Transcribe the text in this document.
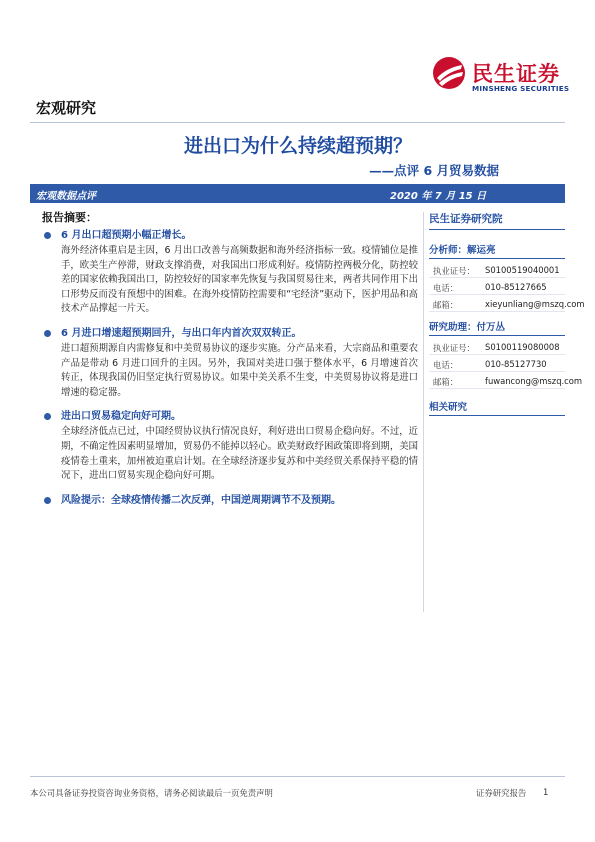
民生证券
MINSHENG SECURITIES
宏观研究
进出口为什么持续超预期？
——点评 6 月贸易数据
宏观数据点评	2020 年 7 月 15 日
报告摘要：
6 月出口超预期小幅正增长。
海外经济体重启是主因，6 月出口改善与高频数据和海外经济指标一致。疫情铺位是推手，欧美生产停滞，财政支撑消费，对我国出口形成利好。疫情防控两极分化，防控较差的国家依赖我国出口，防控较好的国家率先恢复与我国贸易往来，两者共同作用下出口形势反而没有预想中的困难。在海外疫情防控需要和“宅经济”驱动下，医护用品和高技术产品撑起一片天。
6 月进口增速超预期回升，与出口年内首次双双转正。
进口超预期源自内需修复和中美贸易协议的逐步实施。分产品来看，大宗商品和重要农产品是带动 6 月进口回升的主因。另外，我国对美进口强于整体水平，6 月增速首次转正，体现我国仍旧坚定执行贸易协议。如果中美关系不生变，中美贸易协议将是进口增速的稳定器。
进出口贸易稳定向好可期。
全球经济低点已过，中国经贸协议执行情况良好，利好进出口贸易企稳向好。不过，近期，不确定性因素明显增加，贸易仍不能掉以轻心。欧美财政纾困政策即将到期，美国疫情卷土重来，加州被迫重启计划。在全球经济逐步复苏和中美经贸关系保持平稳的情况下，进出口贸易实现企稳向好可期。
风险提示：全球疫情传播二次反弹，中国逆周期调节不及预期。
民生证券研究院
分析师：解运亮
执业证号： S0100519040001
电话：	010-85127665
邮箱：	xieyunliang@mszq.com
研究助理：付万丛
执业证号： S0100119080008
电话：	010-85127730
邮箱：	fuwancong@mszq.com
相关研究
本公司具备证券投资咨询业务资格，请务必阅读最后一页免责声明	证券研究报告 1
